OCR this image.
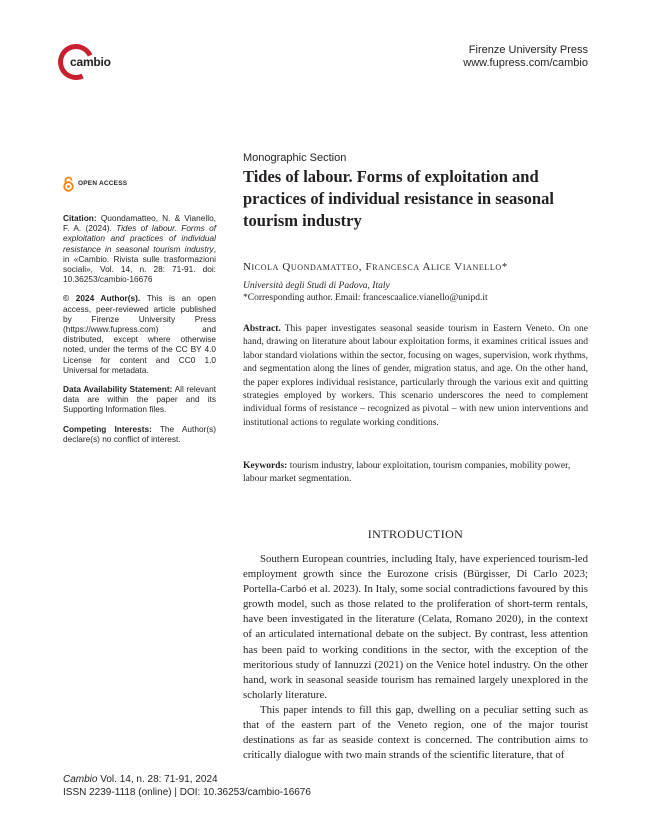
cambio
Firenze University Press
www.fupress.com/cambio
OPEN ACCESS

Citation: Quondamatteo, N. & Vianello, F. A. (2024). Tides of labour. Forms of exploitation and practices of individual resistance in seasonal tourism industry, in «Cambio. Rivista sulle trasformazioni sociali», Vol. 14, n. 28: 71-91. doi: 10.36253/cambio-16676

© 2024 Author(s). This is an open access, peer-reviewed article published by Firenze University Press (https://www.fupress.com) and distributed, except where otherwise noted, under the terms of the CC BY 4.0 License for content and CC0 1.0 Universal for metadata.

Data Availability Statement: All relevant data are within the paper and its Supporting Information files.

Competing Interests: The Author(s) declare(s) no conflict of interest.

Monographic Section
Tides of labour. Forms of exploitation and practices of individual resistance in seasonal tourism industry
Nicola Quondamatteo, Francesca Alice Vianello*
Università degli Studi di Padova, Italy
*Corresponding author. Email: francescaalice.vianello@unipd.it

Abstract. This paper investigates seasonal seaside tourism in Eastern Veneto. On one hand, drawing on literature about labour exploitation forms, it examines critical issues and labor standard violations within the sector, focusing on wages, supervision, work rhythms, and segmentation along the lines of gender, migration status, and age. On the other hand, the paper explores individual resistance, particularly through the various exit and quitting strategies employed by workers. This scenario underscores the need to complement individual forms of resistance – recognized as pivotal – with new union interventions and institutional actions to regulate working conditions.

Keywords: tourism industry, labour exploitation, tourism companies, mobility power, labour market segmentation.

INTRODUCTION

Southern European countries, including Italy, have experienced tourism-led employment growth since the Eurozone crisis (Bürgisser, Di Carlo 2023; Portella-Carbó et al. 2023). In Italy, some social contradictions favoured by this growth model, such as those related to the proliferation of short-term rentals, have been investigated in the literature (Celata, Romano 2020), in the context of an articulated international debate on the subject. By contrast, less attention has been paid to working conditions in the sector, with the exception of the meritorious study of Iannuzzi (2021) on the Venice hotel industry. On the other hand, work in seasonal seaside tourism has remained largely unexplored in the scholarly literature.

This paper intends to fill this gap, dwelling on a peculiar setting such as that of the eastern part of the Veneto region, one of the major tourist destinations as far as seaside context is concerned. The contribution aims to critically dialogue with two main strands of the scientific literature, that of

Cambio Vol. 14, n. 28: 71-91, 2024
ISSN 2239-1118 (online) | DOI: 10.36253/cambio-16676
